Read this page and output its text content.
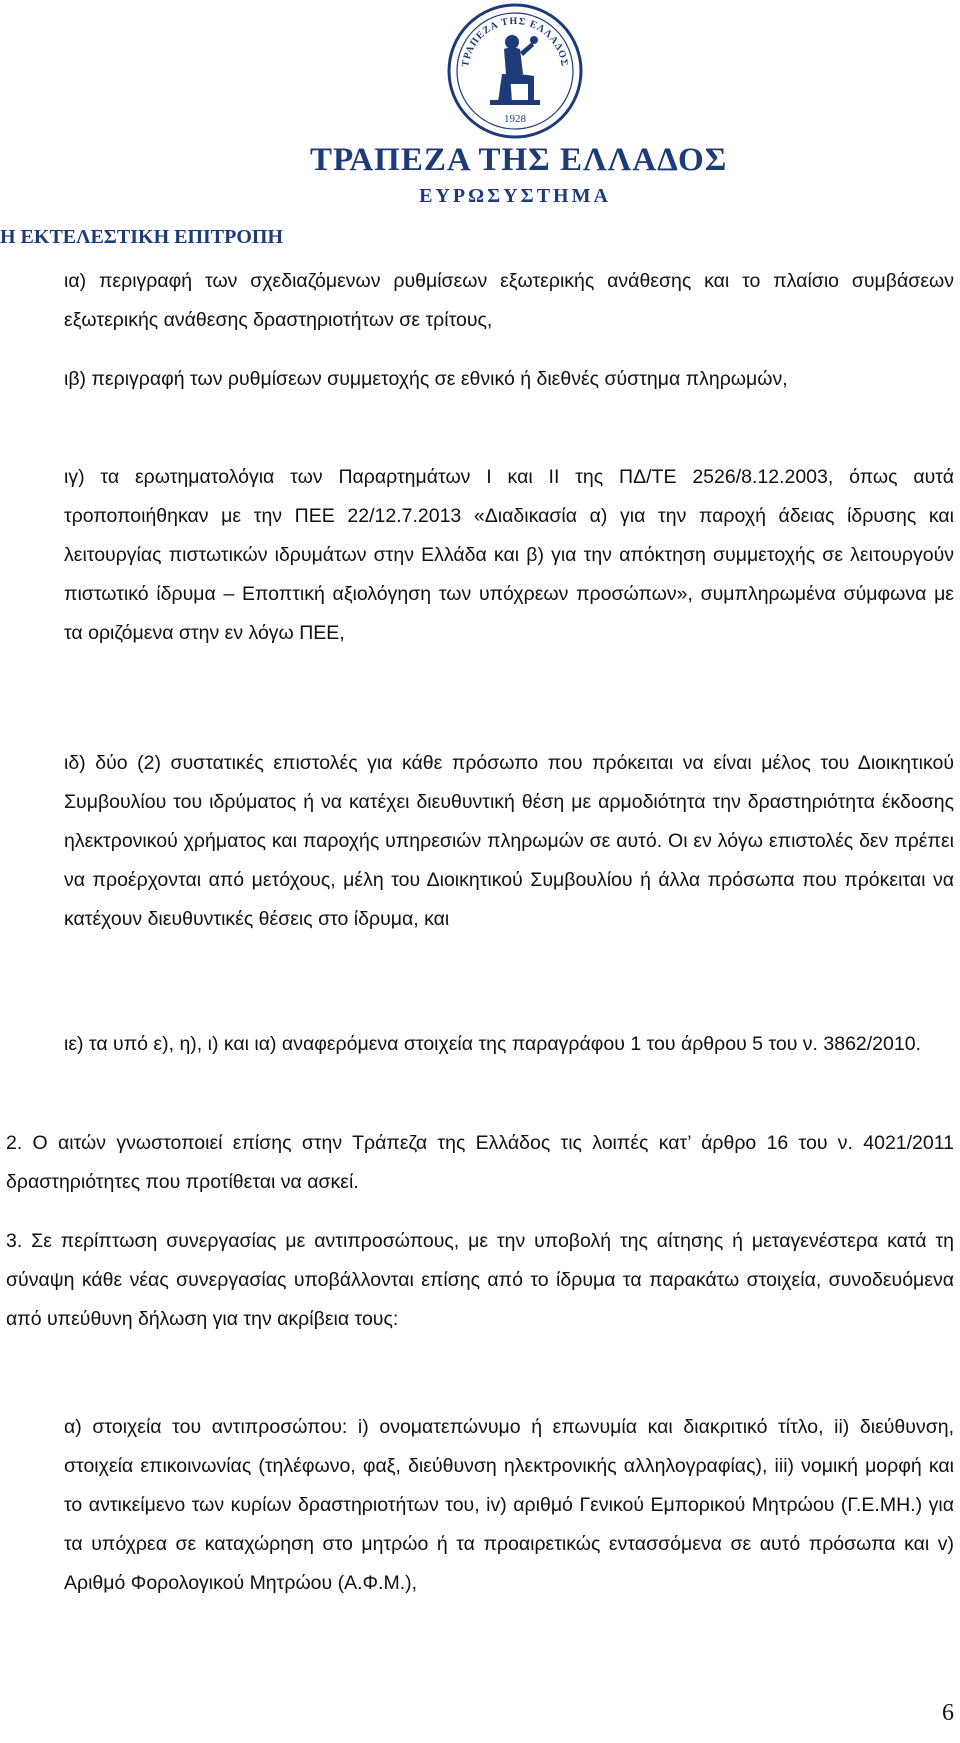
ΤΡΑΠΕΖΑ ΤΗΣ ΕΛΛΑΔΟΣ
1928
ΤΡΑΠΕΖΑ ΤΗΣ ΕΛΛΑΔΟΣ
ΕΥΡΩΣΥΣΤΗΜΑ
Η ΕΚΤΕΛΕΣΤΙΚΗ ΕΠΙΤΡΟΠΗ
ια) περιγραφή των σχεδιαζόμενων ρυθμίσεων εξωτερικής ανάθεσης και το πλαίσιο συμβάσεων εξωτερικής ανάθεσης δραστηριοτήτων σε τρίτους,
ιβ) περιγραφή των ρυθμίσεων συμμετοχής σε εθνικό ή διεθνές σύστημα πληρωμών,
ιγ) τα ερωτηματολόγια των Παραρτημάτων Ι και ΙΙ της ΠΔ/ΤΕ 2526/8.12.2003, όπως αυτά τροποποιήθηκαν με την ΠΕΕ 22/12.7.2013 «Διαδικασία α) για την παροχή άδειας ίδρυσης και λειτουργίας πιστωτικών ιδρυμάτων στην Ελλάδα και β) για την απόκτηση συμμετοχής σε λειτουργούν πιστωτικό ίδρυμα – Εποπτική αξιολόγηση των υπόχρεων προσώπων», συμπληρωμένα σύμφωνα με τα οριζόμενα στην εν λόγω ΠΕΕ,
ιδ) δύο (2) συστατικές επιστολές για κάθε πρόσωπο που πρόκειται να είναι μέλος του Διοικητικού Συμβουλίου του ιδρύματος ή να κατέχει διευθυντική θέση με αρμοδιότητα την δραστηριότητα έκδοσης ηλεκτρονικού χρήματος και παροχής υπηρεσιών πληρωμών σε αυτό. Οι εν λόγω επιστολές δεν πρέπει να προέρχονται από μετόχους, μέλη του Διοικητικού Συμβουλίου ή άλλα πρόσωπα που πρόκειται να κατέχουν διευθυντικές θέσεις στο ίδρυμα, και
ιε) τα υπό ε), η), ι) και ια) αναφερόμενα στοιχεία της παραγράφου 1 του άρθρου 5 του ν. 3862/2010.
2. Ο αιτών γνωστοποιεί επίσης στην Τράπεζα της Ελλάδος τις λοιπές κατ’ άρθρο 16 του ν. 4021/2011 δραστηριότητες που προτίθεται να ασκεί.
3. Σε περίπτωση συνεργασίας με αντιπροσώπους, με την υποβολή της αίτησης ή μεταγενέστερα κατά τη σύναψη κάθε νέας συνεργασίας υποβάλλονται επίσης από το ίδρυμα τα παρακάτω στοιχεία, συνοδευόμενα από υπεύθυνη δήλωση για την ακρίβεια τους:
α) στοιχεία του αντιπροσώπου: i) ονοματεπώνυμο ή επωνυμία και διακριτικό τίτλο, ii) διεύθυνση, στοιχεία επικοινωνίας (τηλέφωνο, φαξ, διεύθυνση ηλεκτρονικής αλληλογραφίας), iii) νομική μορφή και το αντικείμενο των κυρίων δραστηριοτήτων του, iv) αριθμό Γενικού Εμπορικού Μητρώου (Γ.Ε.ΜΗ.) για τα υπόχρεα σε καταχώρηση στο μητρώο ή τα προαιρετικώς εντασσόμενα σε αυτό πρόσωπα και v) Αριθμό Φορολογικού Μητρώου (Α.Φ.Μ.),
6
